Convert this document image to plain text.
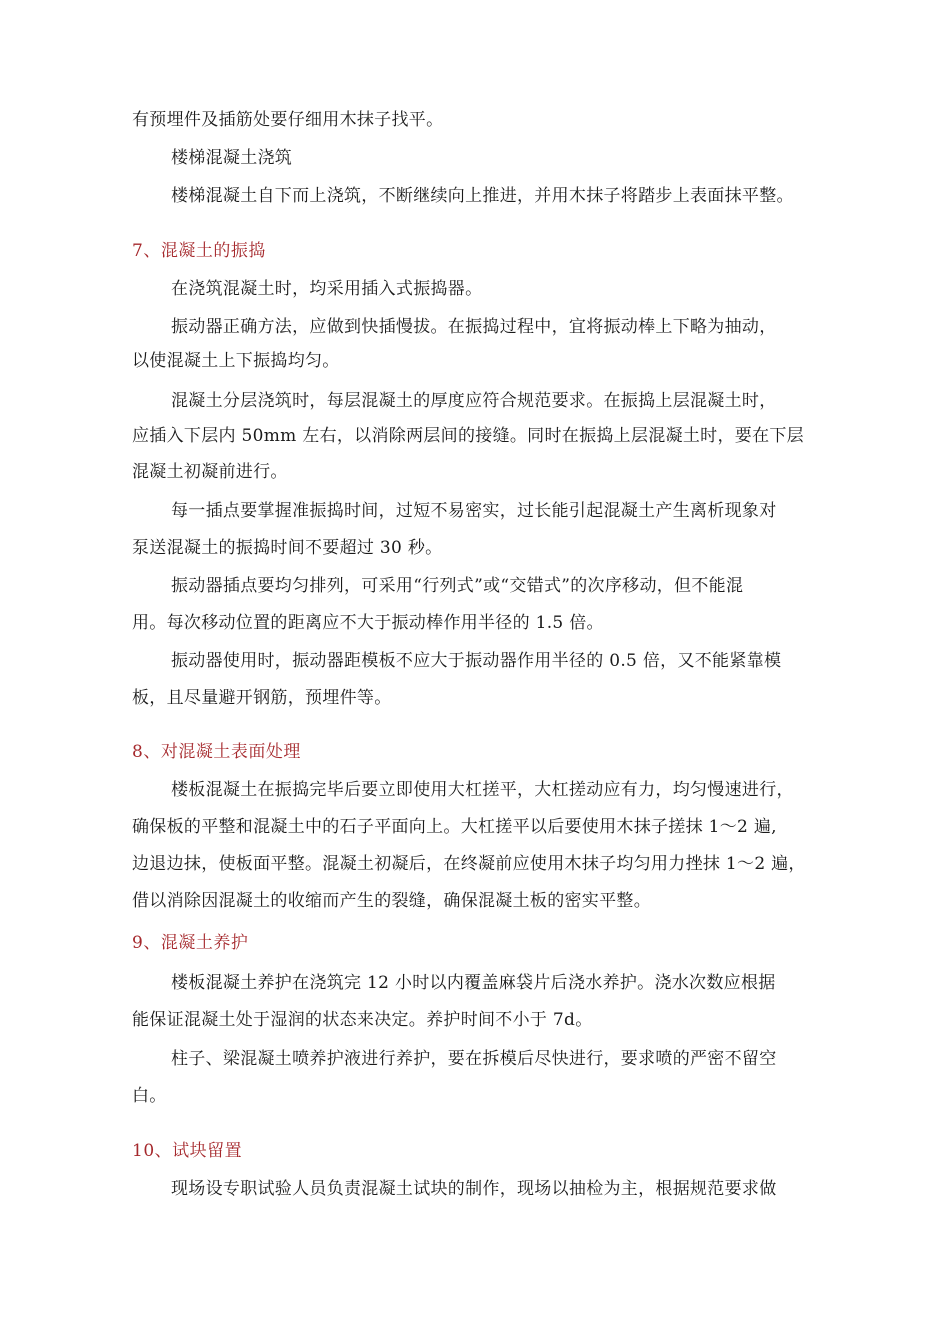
有预埋件及插筋处要仔细用木抹子找平。
楼梯混凝土浇筑
楼梯混凝土自下而上浇筑，不断继续向上推进，并用木抹子将踏步上表面抹平整。
7、混凝土的振捣
在浇筑混凝土时，均采用插入式振捣器。
振动器正确方法，应做到快插慢拔。在振捣过程中，宜将振动棒上下略为抽动，
以使混凝土上下振捣均匀。
混凝土分层浇筑时，每层混凝土的厚度应符合规范要求。在振捣上层混凝土时，
应插入下层内 50mm 左右，以消除两层间的接缝。同时在振捣上层混凝土时，要在下层
混凝土初凝前进行。
每一插点要掌握准振捣时间，过短不易密实，过长能引起混凝土产生离析现象对
泵送混凝土的振捣时间不要超过 30 秒。
振动器插点要均匀排列，可采用“行列式”或“交错式”的次序移动，但不能混
用。每次移动位置的距离应不大于振动棒作用半径的 1.5 倍。
振动器使用时，振动器距模板不应大于振动器作用半径的 0.5 倍，又不能紧靠模
板，且尽量避开钢筋，预埋件等。
8、对混凝土表面处理
楼板混凝土在振捣完毕后要立即使用大杠搓平，大杠搓动应有力，均匀慢速进行，
确保板的平整和混凝土中的石子平面向上。大杠搓平以后要使用木抹子搓抹 1〜2 遍,
边退边抹，使板面平整。混凝土初凝后，在终凝前应使用木抹子均匀用力挫抹 1〜2 遍，
借以消除因混凝土的收缩而产生的裂缝，确保混凝土板的密实平整。
9、混凝土养护
楼板混凝土养护在浇筑完 12 小时以内覆盖麻袋片后浇水养护。浇水次数应根据
能保证混凝土处于湿润的状态来决定。养护时间不小于 7d。
柱子、梁混凝土喷养护液进行养护，要在拆模后尽快进行，要求喷的严密不留空
白。
10、试块留置
现场设专职试验人员负责混凝土试块的制作，现场以抽检为主，根据规范要求做
